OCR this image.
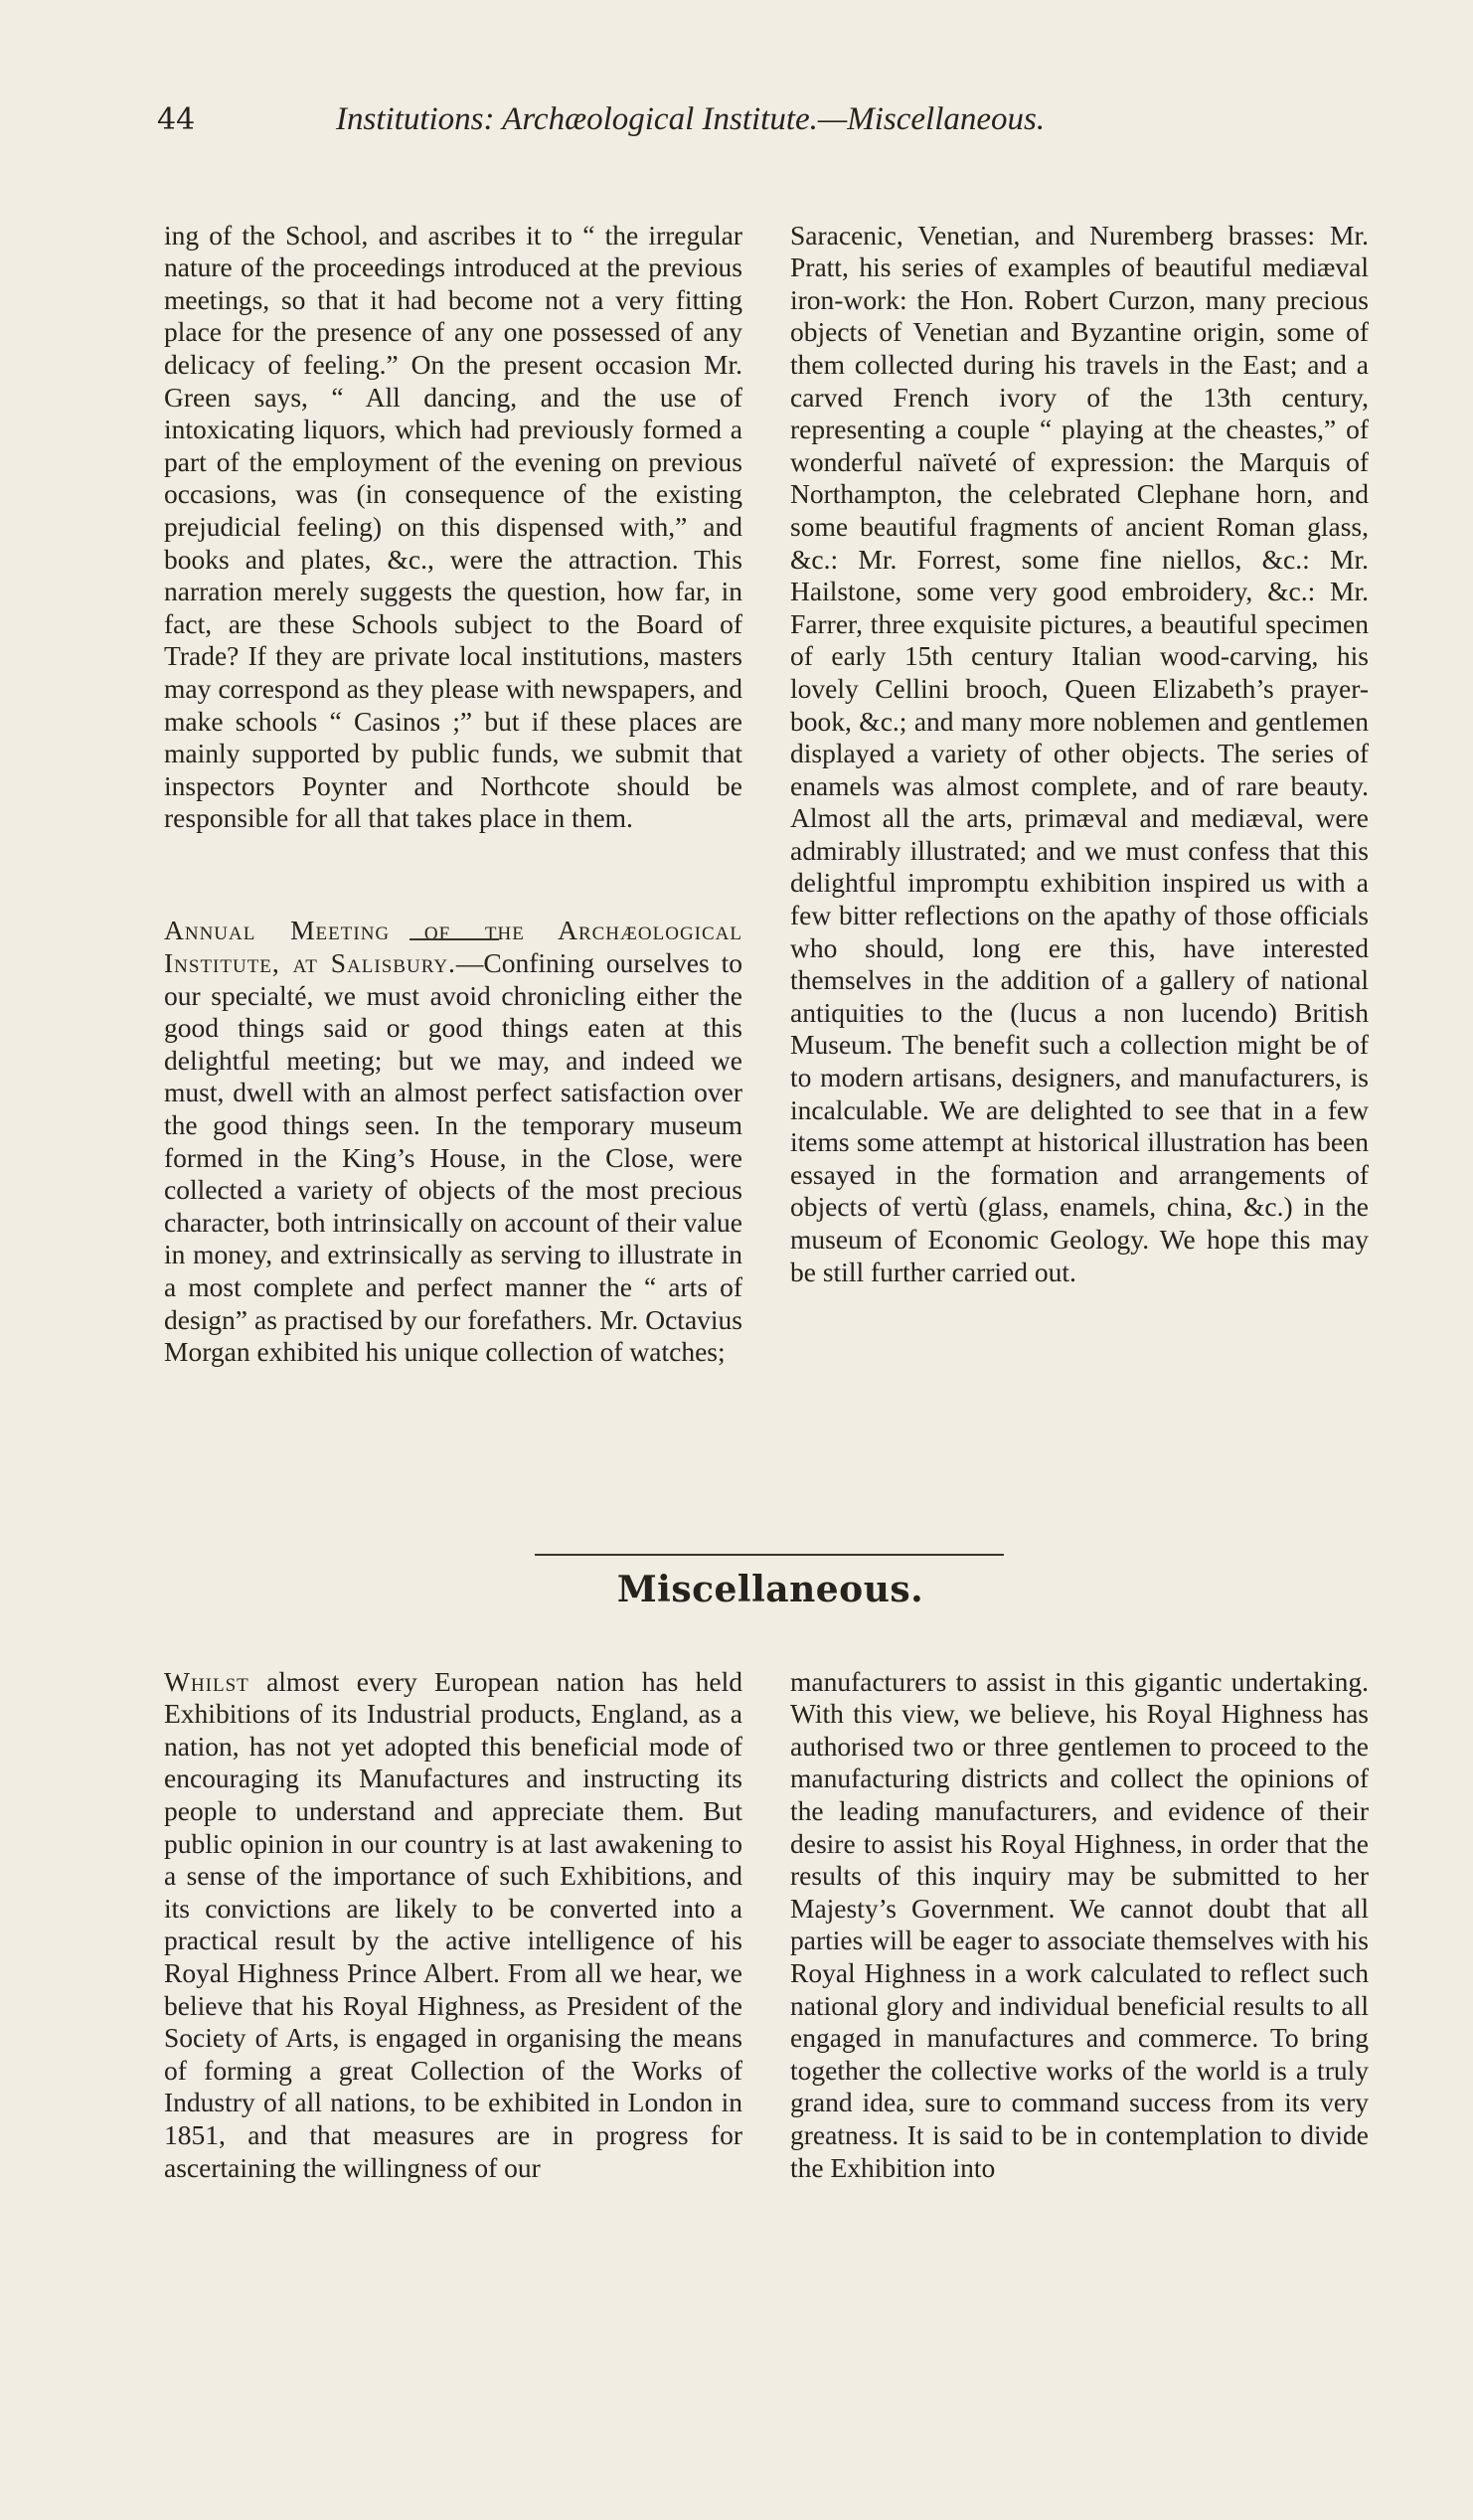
44	Institutions: Archæological Institute.—Miscellaneous.

ing of the School, and ascribes it to “ the irregular nature of the proceedings introduced at the previous meetings, so that it had become not a very fitting place for the presence of any one possessed of any delicacy of feeling.” On the present occasion Mr. Green says, “ All dancing, and the use of intoxicating liquors, which had previously formed a part of the employment of the evening on previous occasions, was (in consequence of the existing prejudicial feeling) on this dispensed with,” and books and plates, &c., were the attraction. This narration merely suggests the question, how far, in fact, are these Schools subject to the Board of Trade? If they are private local institutions, masters may correspond as they please with newspapers, and make schools “ Casinos ;” but if these places are mainly supported by public funds, we submit that inspectors Poynter and Northcote should be responsible for all that takes place in them.

Annual Meeting of the Archæological Institute, at Salisbury.—Confining ourselves to our specialté, we must avoid chronicling either the good things said or good things eaten at this delightful meeting; but we may, and indeed we must, dwell with an almost perfect satisfaction over the good things seen. In the temporary museum formed in the King’s House, in the Close, were collected a variety of objects of the most precious character, both intrinsically on account of their value in money, and extrinsically as serving to illustrate in a most complete and perfect manner the “ arts of design” as practised by our forefathers. Mr. Octavius Morgan exhibited his unique collection of watches;

Saracenic, Venetian, and Nuremberg brasses: Mr. Pratt, his series of examples of beautiful mediæval iron-work: the Hon. Robert Curzon, many precious objects of Venetian and Byzantine origin, some of them collected during his travels in the East; and a carved French ivory of the 13th century, representing a couple “ playing at the cheastes,” of wonderful naïveté of expression: the Marquis of Northampton, the celebrated Clephane horn, and some beautiful fragments of ancient Roman glass, &c.: Mr. Forrest, some fine niellos, &c.: Mr. Hailstone, some very good embroidery, &c.: Mr. Farrer, three exquisite pictures, a beautiful specimen of early 15th century Italian wood-carving, his lovely Cellini brooch, Queen Elizabeth’s prayer-book, &c.; and many more noblemen and gentlemen displayed a variety of other objects. The series of enamels was almost complete, and of rare beauty. Almost all the arts, primæval and mediæval, were admirably illustrated; and we must confess that this delightful impromptu exhibition inspired us with a few bitter reflections on the apathy of those officials who should, long ere this, have interested themselves in the addition of a gallery of national antiquities to the (lucus a non lucendo) British Museum. The benefit such a collection might be of to modern artisans, designers, and manufacturers, is incalculable. We are delighted to see that in a few items some attempt at historical illustration has been essayed in the formation and arrangements of objects of vertù (glass, enamels, china, &c.) in the museum of Economic Geology. We hope this may be still further carried out.

Miscellaneous.

Whilst almost every European nation has held Exhibitions of its Industrial products, England, as a nation, has not yet adopted this beneficial mode of encouraging its Manufactures and instructing its people to understand and appreciate them. But public opinion in our country is at last awakening to a sense of the importance of such Exhibitions, and its convictions are likely to be converted into a practical result by the active intelligence of his Royal Highness Prince Albert. From all we hear, we believe that his Royal Highness, as President of the Society of Arts, is engaged in organising the means of forming a great Collection of the Works of Industry of all nations, to be exhibited in London in 1851, and that measures are in progress for ascertaining the willingness of our

manufacturers to assist in this gigantic undertaking. With this view, we believe, his Royal Highness has authorised two or three gentlemen to proceed to the manufacturing districts and collect the opinions of the leading manufacturers, and evidence of their desire to assist his Royal Highness, in order that the results of this inquiry may be submitted to her Majesty’s Government. We cannot doubt that all parties will be eager to associate themselves with his Royal Highness in a work calculated to reflect such national glory and individual beneficial results to all engaged in manufactures and commerce. To bring together the collective works of the world is a truly grand idea, sure to command success from its very greatness. It is said to be in contemplation to divide the Exhibition into
